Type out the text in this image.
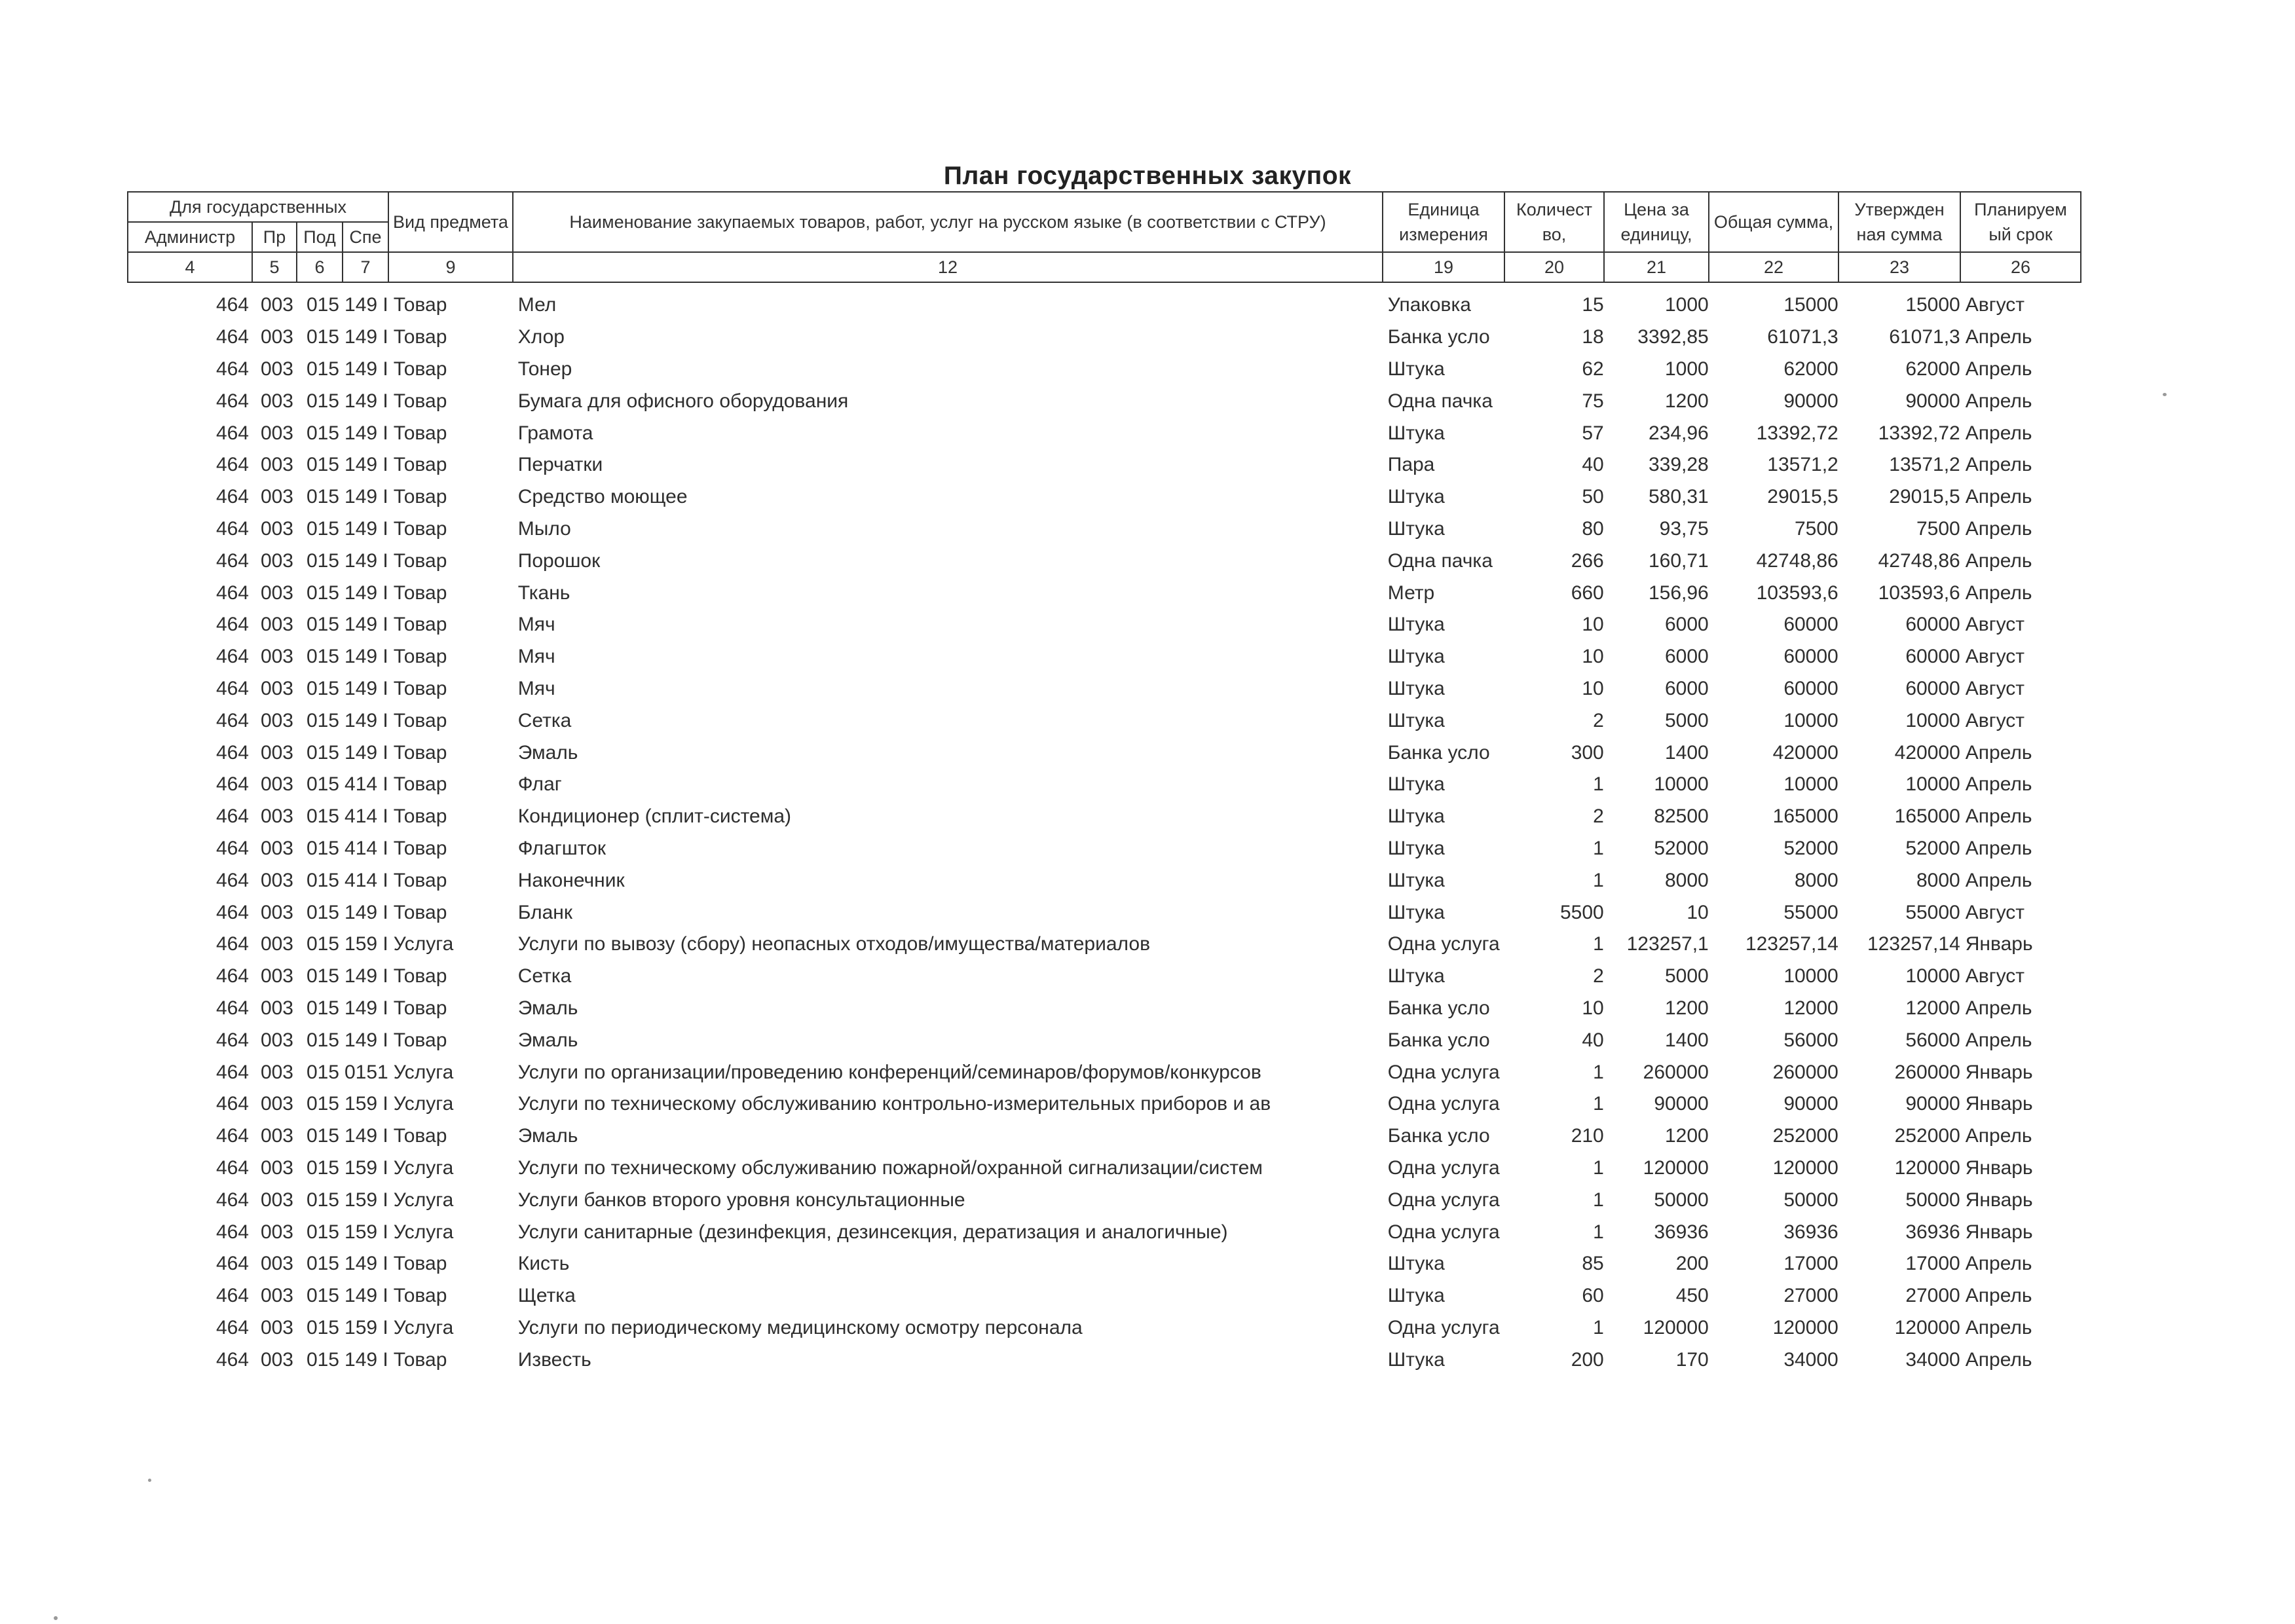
План государственных закупок
Для государственных				Вид предмета	Наименование закупаемых товаров, работ, услуг на русском языке (в соответствии с СТРУ)	Единица измерения	Количест во,	Цена за единицу,	Общая сумма,	Утвержден ная сумма	Планируем ый срок
Администр	Пр	Под	Спе								
4	5	6	7	9	12	19	20	21	22	23	26
464	003	015	149 I	Товар	Мел	Упаковка	15	1000	15000	15000	Август
464	003	015	149 I	Товар	Хлор	Банка усло	18	3392,85	61071,3	61071,3	Апрель
464	003	015	149 I	Товар	Тонер	Штука	62	1000	62000	62000	Апрель
464	003	015	149 I	Товар	Бумага для офисного оборудования	Одна пачка	75	1200	90000	90000	Апрель
464	003	015	149 I	Товар	Грамота	Штука	57	234,96	13392,72	13392,72	Апрель
464	003	015	149 I	Товар	Перчатки	Пара	40	339,28	13571,2	13571,2	Апрель
464	003	015	149 I	Товар	Средство моющее	Штука	50	580,31	29015,5	29015,5	Апрель
464	003	015	149 I	Товар	Мыло	Штука	80	93,75	7500	7500	Апрель
464	003	015	149 I	Товар	Порошок	Одна пачка	266	160,71	42748,86	42748,86	Апрель
464	003	015	149 I	Товар	Ткань	Метр	660	156,96	103593,6	103593,6	Апрель
464	003	015	149 I	Товар	Мяч	Штука	10	6000	60000	60000	Август
464	003	015	149 I	Товар	Мяч	Штука	10	6000	60000	60000	Август
464	003	015	149 I	Товар	Мяч	Штука	10	6000	60000	60000	Август
464	003	015	149 I	Товар	Сетка	Штука	2	5000	10000	10000	Август
464	003	015	149 I	Товар	Эмаль	Банка усло	300	1400	420000	420000	Апрель
464	003	015	414 I	Товар	Флаг	Штука	1	10000	10000	10000	Апрель
464	003	015	414 I	Товар	Кондиционер (сплит-система)	Штука	2	82500	165000	165000	Апрель
464	003	015	414 I	Товар	Флагшток	Штука	1	52000	52000	52000	Апрель
464	003	015	414 I	Товар	Наконечник	Штука	1	8000	8000	8000	Апрель
464	003	015	149 I	Товар	Бланк	Штука	5500	10	55000	55000	Август
464	003	015	159 I	Услуга	Услуги по вывозу (сбору) неопасных отходов/имущества/материалов	Одна услуга	1	123257,1	123257,14	123257,14	Январь
464	003	015	149 I	Товар	Сетка	Штука	2	5000	10000	10000	Август
464	003	015	149 I	Товар	Эмаль	Банка усло	10	1200	12000	12000	Апрель
464	003	015	149 I	Товар	Эмаль	Банка усло	40	1400	56000	56000	Апрель
464	003	015	0151	Услуга	Услуги по организации/проведению конференций/семинаров/форумов/конкурсов	Одна услуга	1	260000	260000	260000	Январь
464	003	015	159 I	Услуга	Услуги по техническому обслуживанию контрольно-измерительных приборов и ав	Одна услуга	1	90000	90000	90000	Январь
464	003	015	149 I	Товар	Эмаль	Банка усло	210	1200	252000	252000	Апрель
464	003	015	159 I	Услуга	Услуги по техническому обслуживанию пожарной/охранной сигнализации/систем	Одна услуга	1	120000	120000	120000	Январь
464	003	015	159 I	Услуга	Услуги банков второго уровня консультационные	Одна услуга	1	50000	50000	50000	Январь
464	003	015	159 I	Услуга	Услуги санитарные (дезинфекция, дезинсекция, дератизация и аналогичные)	Одна услуга	1	36936	36936	36936	Январь
464	003	015	149 I	Товар	Кисть	Штука	85	200	17000	17000	Апрель
464	003	015	149 I	Товар	Щетка	Штука	60	450	27000	27000	Апрель
464	003	015	159 I	Услуга	Услуги по периодическому медицинскому осмотру персонала	Одна услуга	1	120000	120000	120000	Апрель
464	003	015	149 I	Товар	Известь	Штука	200	170	34000	34000	Апрель
